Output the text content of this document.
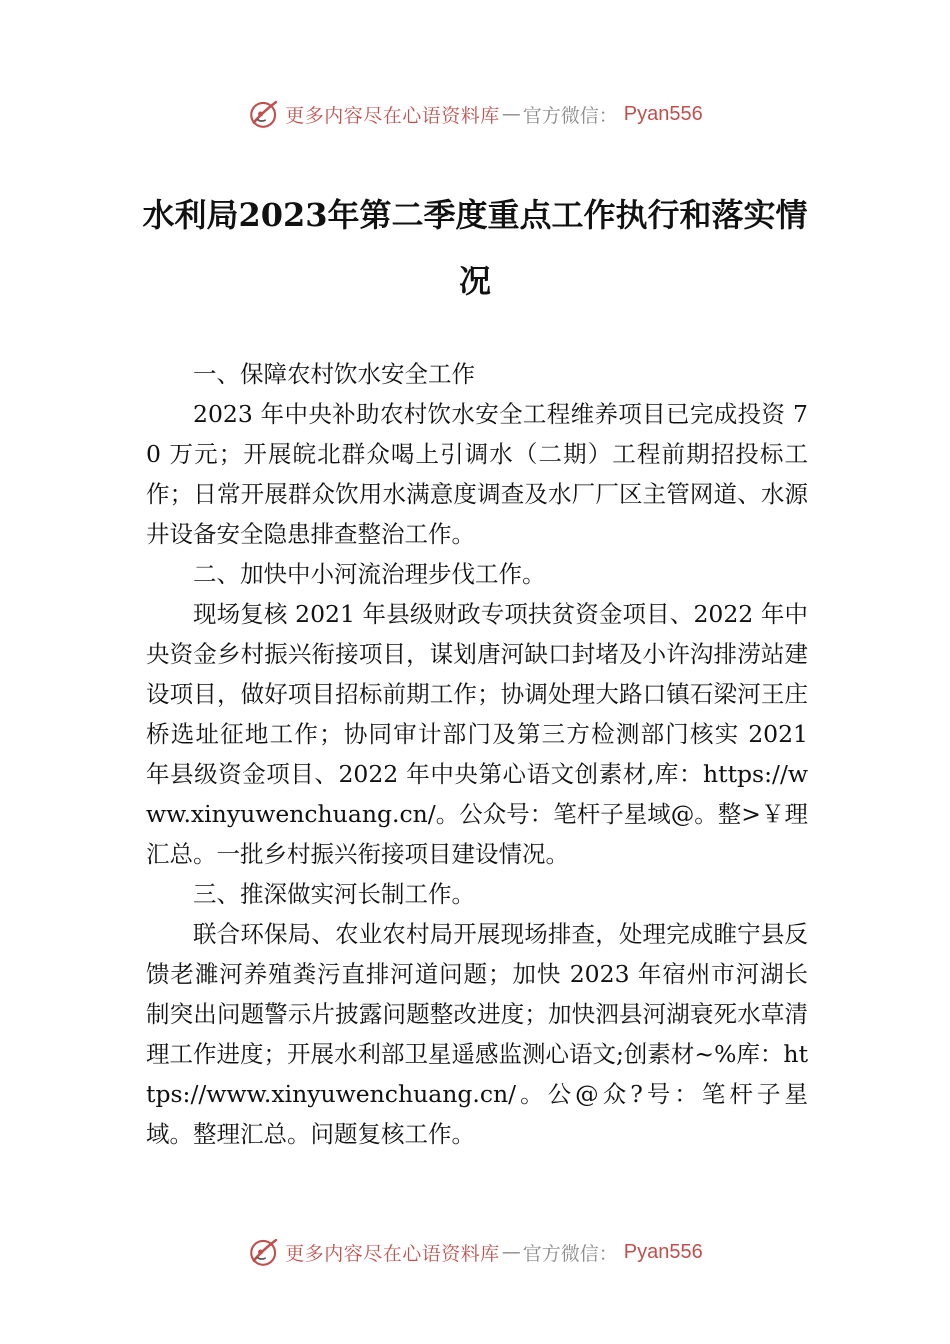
更多内容尽在心语资料库 — 官方微信： Pyan556
水利局2023年第二季度重点工作执行和落实情况

一、保障农村饮水安全工作

2023 年中央补助农村饮水安全工程维养项目已完成投资 70 万元；开展皖北群众喝上引调水（二期）工程前期招投标工作；日常开展群众饮用水满意度调查及水厂厂区主管网道、水源井设备安全隐患排查整治工作。

二、加快中小河流治理步伐工作。

现场复核 2021 年县级财政专项扶贫资金项目、2022 年中央资金乡村振兴衔接项目，谋划唐河缺口封堵及小许沟排涝站建设项目，做好项目招标前期工作；协调处理大路口镇石梁河王庄桥选址征地工作；协同审计部门及第三方检测部门核实 2021 年县级资金项目、2022 年中央第心语文创素材,库：https://www.xinyuwenchuang.cn/。公众号：笔杆子星域@。整>￥理汇总。一批乡村振兴衔接项目建设情况。

三、推深做实河长制工作。

联合环保局、农业农村局开展现场排查，处理完成睢宁县反馈老濉河养殖粪污直排河道问题；加快 2023 年宿州市河湖长制突出问题警示片披露问题整改进度；加快泗县河湖衰死水草清理工作进度；开展水利部卫星遥感监测心语文;创素材~%库：https://www.xinyuwenchuang.cn/。公@众?号：笔杆子星域。整理汇总。问题复核工作。

更多内容尽在心语资料库 — 官方微信： Pyan556
